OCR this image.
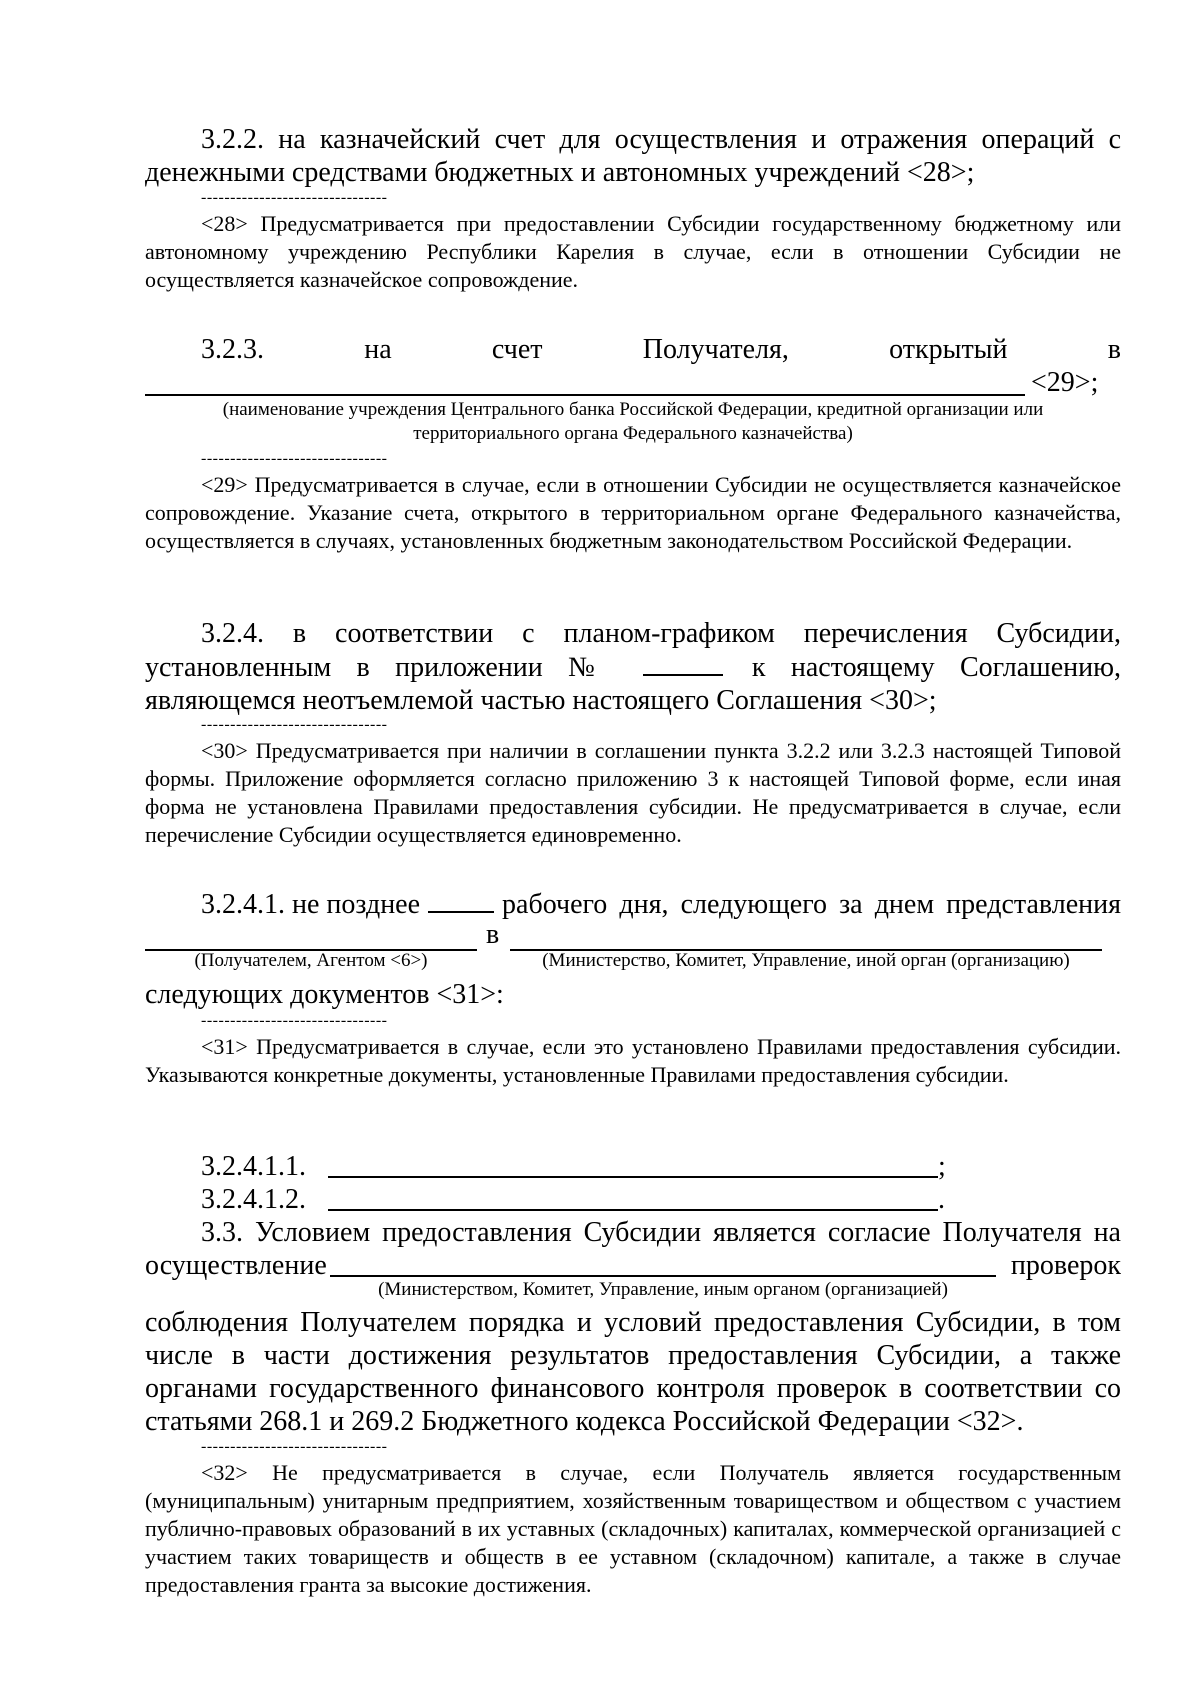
3.2.2. на казначейский счет для осуществления и отражения операций с денежными средствами бюджетных и автономных учреждений <28>;
--------------------------------
<28> Предусматривается при предоставлении Субсидии государственному бюджетному или автономному учреждению Республики Карелия в случае, если в отношении Субсидии не осуществляется казначейское сопровождение.
3.2.3.	на	счет	Получателя,	открытый	в
<29>;
(наименование учреждения Центрального банка Российской Федерации, кредитной организации или
территориального органа Федерального казначейства)
--------------------------------
<29> Предусматривается в случае, если в отношении Субсидии не осуществляется казначейское сопровождение. Указание счета, открытого в территориальном органе Федерального казначейства, осуществляется в случаях, установленных бюджетным законодательством Российской Федерации.
3.2.4. в соответствии с планом-графиком перечисления Субсидии, установленным в приложении №	к настоящему Соглашению, являющемся неотъемлемой частью настоящего Соглашения <30>;
--------------------------------
<30> Предусматривается при наличии в соглашении пункта 3.2.2 или 3.2.3 настоящей Типовой формы. Приложение оформляется согласно приложению 3 к настоящей Типовой форме, если иная форма не установлена Правилами предоставления субсидии. Не предусматривается в случае, если перечисление Субсидии осуществляется единовременно.
3.2.4.1. не позднее	рабочего дня, следующего за днем представления
в
(Получателем, Агентом <6>)	(Министерство, Комитет, Управление, иной орган (организацию)
следующих документов <31>:
--------------------------------
<31> Предусматривается в случае, если это установлено Правилами предоставления субсидии. Указываются конкретные документы, установленные Правилами предоставления субсидии.
3.2.4.1.1.	;
3.2.4.1.2.	.
3.3. Условием предоставления Субсидии является согласие Получателя на
осуществление	проверок
(Министерством, Комитет, Управление, иным органом (организацией)
соблюдения Получателем порядка и условий предоставления Субсидии, в том числе в части достижения результатов предоставления Субсидии, а также органами государственного финансового контроля проверок в соответствии со статьями 268.1 и 269.2 Бюджетного кодекса Российской Федерации <32>.
--------------------------------
<32> Не предусматривается в случае, если Получатель является государственным (муниципальным) унитарным предприятием, хозяйственным товариществом и обществом с участием публично-правовых образований в их уставных (складочных) капиталах, коммерческой организацией с участием таких товариществ и обществ в ее уставном (складочном) капитале, а также в случае предоставления гранта за высокие достижения.
